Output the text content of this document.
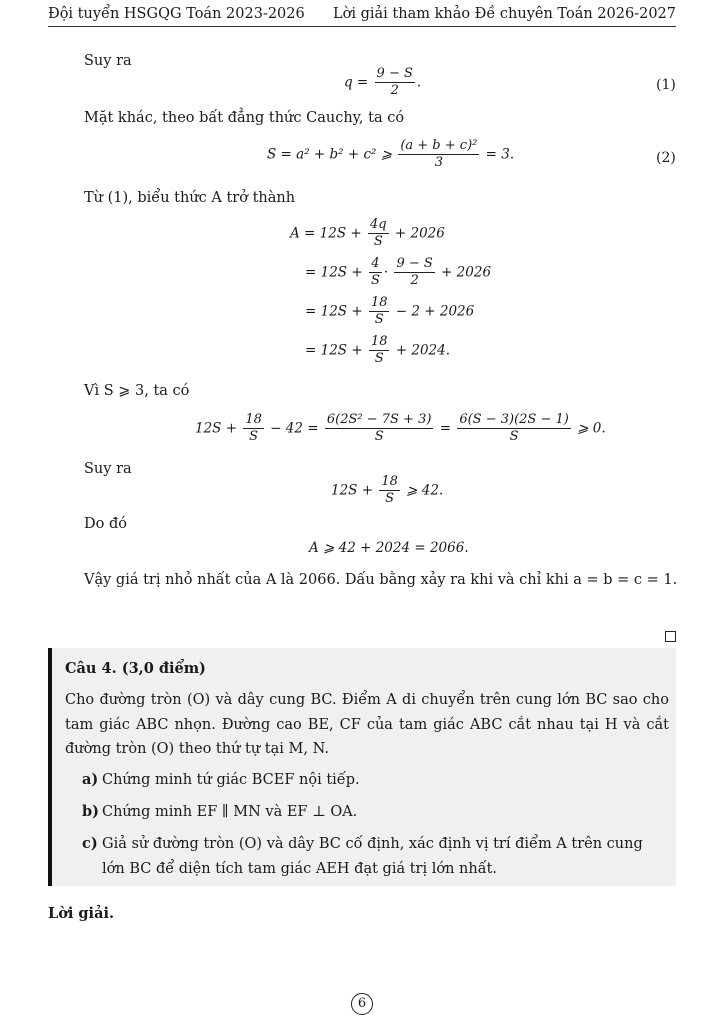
Đội tuyển HSGQG Toán 2023-2026 Lời giải tham khảo Đề chuyên Toán 2026-2027
Suy ra
$q = \frac{9 - S}{2}$ .	(1)
Mặt khác, theo bất đẳng thức Cauchy, ta có
S = a² + b² + c² ⩾ $\frac{\text{(a + b + c)²}}{3} = 3$.	(2)
Từ (1), biểu thức A trở thành
$A = 12S + \frac{4q}{S} + 2026$
= $12S + \frac{4}{S} \cdot \frac{9 - S}{2} + 2026$
= $12S + \frac{18}{S} - 2 + 2026$
= $12S + \frac{18}{S} + 2024$.
Vì S ⩾ 3, ta có
$12S + \frac{18}{S} - 42 = \frac{\text{6(2S² − 7S + 3)}}{S} = \frac{6(S - 3)(2S - 1)}{S}$ ⩾ 0.
Suy ra
$12S + \frac{18}{S}$ ⩾ 42.
Do đó
A ⩾ 42 + 2024 = 2066.
Vậy giá trị nhỏ nhất của A là 2066. Dấu bằng xảy ra khi và chỉ khi a = b = c = 1.
Câu 4. (3,0 điểm)
Cho đường tròn (O) và dây cung BC. Điểm A di chuyển trên cung lớn BC sao cho tam giác ABC nhọn. Đường cao BE, CF của tam giác ABC cắt nhau tại H và cắt đường tròn (O) theo thứ tự tại M, N.
a) Chứng minh tứ giác BCEF nội tiếp.
b) Chứng minh EF ∥ MN và EF ⊥ OA.
c) Giả sử đường tròn (O) và dây BC cố định, xác định vị trí điểm A trên cung lớn BC để diện tích tam giác AEH đạt giá trị lớn nhất.
Lời giải.
6
